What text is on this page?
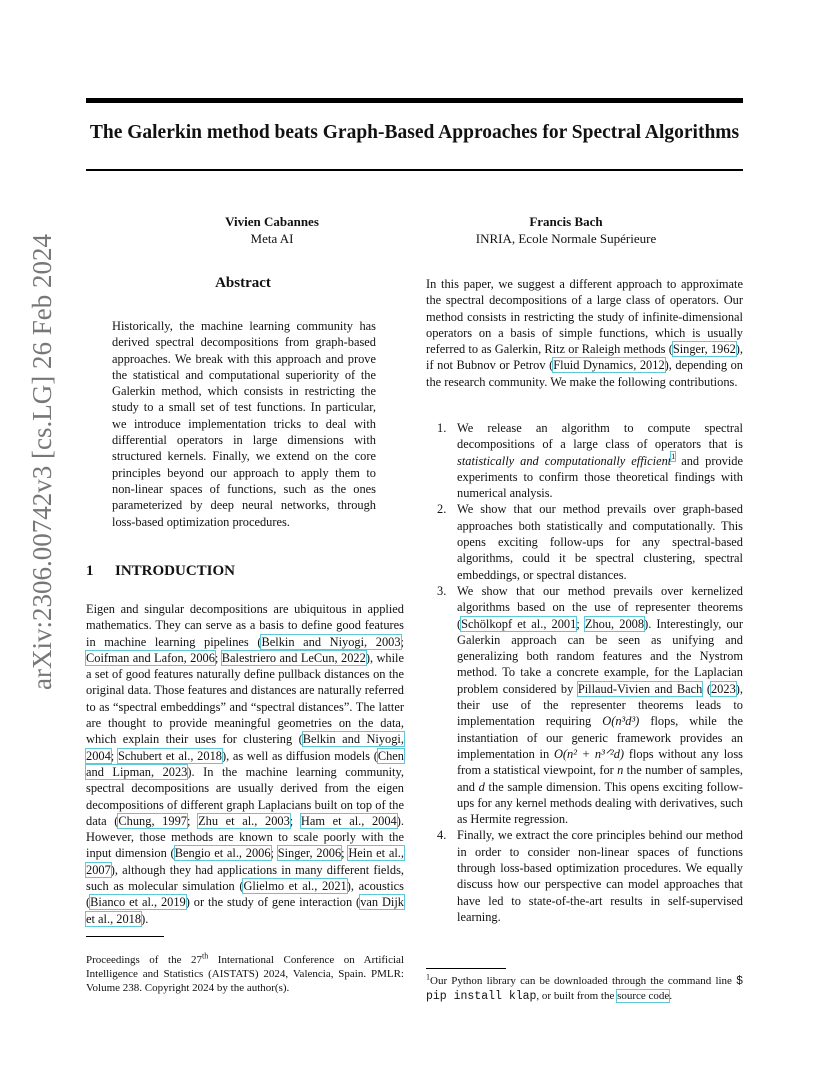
arXiv:2306.00742v3 [cs.LG] 26 Feb 2024
The Galerkin method beats Graph-Based Approaches for Spectral Algorithms
Vivien Cabannes
Meta AI
Francis Bach
INRIA, Ecole Normale Supérieure
Abstract
Historically, the machine learning community has derived spectral decompositions from graph-based approaches. We break with this approach and prove the statistical and computational superiority of the Galerkin method, which consists in restricting the study to a small set of test functions. In particular, we introduce implementation tricks to deal with differential operators in large dimensions with structured kernels. Finally, we extend on the core principles beyond our approach to apply them to non-linear spaces of functions, such as the ones parameterized by deep neural networks, through loss-based optimization procedures.
1 INTRODUCTION

Eigen and singular decompositions are ubiquitous in applied mathematics. They can serve as a basis to define good features in machine learning pipelines (Belkin and Niyogi, 2003; Coifman and Lafon, 2006; Balestriero and LeCun, 2022), while a set of good features naturally define pullback distances on the original data. Those features and distances are naturally referred to as “spectral embeddings” and “spectral distances”. The latter are thought to provide meaningful geometries on the data, which explain their uses for clustering (Belkin and Niyogi, 2004; Schubert et al., 2018), as well as diffusion models (Chen and Lipman, 2023). In the machine learning community, spectral decompositions are usually derived from the eigen decompositions of different graph Laplacians built on top of the data (Chung, 1997; Zhu et al., 2003; Ham et al., 2004). However, those methods are known to scale poorly with the input dimension (Bengio et al., 2006; Singer, 2006; Hein et al., 2007), although they had applications in many different fields, such as molecular simulation (Glielmo et al., 2021), acoustics (Bianco et al., 2019) or the study of gene interaction (van Dijk et al., 2018).

Proceedings of the 27th International Conference on Artificial Intelligence and Statistics (AISTATS) 2024, Valencia, Spain. PMLR: Volume 238. Copyright 2024 by the author(s).

In this paper, we suggest a different approach to approximate the spectral decompositions of a large class of operators. Our method consists in restricting the study of infinite-dimensional operators on a basis of simple functions, which is usually referred to as Galerkin, Ritz or Raleigh methods (Singer, 1962), if not Bubnov or Petrov (Fluid Dynamics, 2012), depending on the research community. We make the following contributions.

1. We release an algorithm to compute spectral decompositions of a large class of operators that is statistically and computationally efficient$^1$ and provide experiments to confirm those theoretical findings with numerical analysis.
2. We show that our method prevails over graph-based approaches both statistically and computationally. This opens exciting follow-ups for any spectral-based algorithms, could it be spectral clustering, spectral embeddings, or spectral distances.
3. We show that our method prevails over kernelized algorithms based on the use of representer theorems (Schölkopf et al., 2001; Zhou, 2008). Interestingly, our Galerkin approach can be seen as unifying and generalizing both random features and the Nystrom method. To take a concrete example, for the Laplacian problem considered by Pillaud-Vivien and Bach (2023), their use of the representer theorems leads to implementation requiring O(n³d³) flops, while the instantiation of our generic framework provides an implementation in O(n² + n³ᐟ²d) flops without any loss from a statistical viewpoint, for n the number of samples, and d the sample dimension. This opens exciting follow-ups for any kernel methods dealing with derivatives, such as Hermite regression.
4. Finally, we extract the core principles behind our method in order to consider non-linear spaces of functions through loss-based optimization procedures. We equally discuss how our perspective can model approaches that have led to state-of-the-art results in self-supervised learning.
$^1$Our Python library can be downloaded through the command line $ pip install klap, or built from the source code.
